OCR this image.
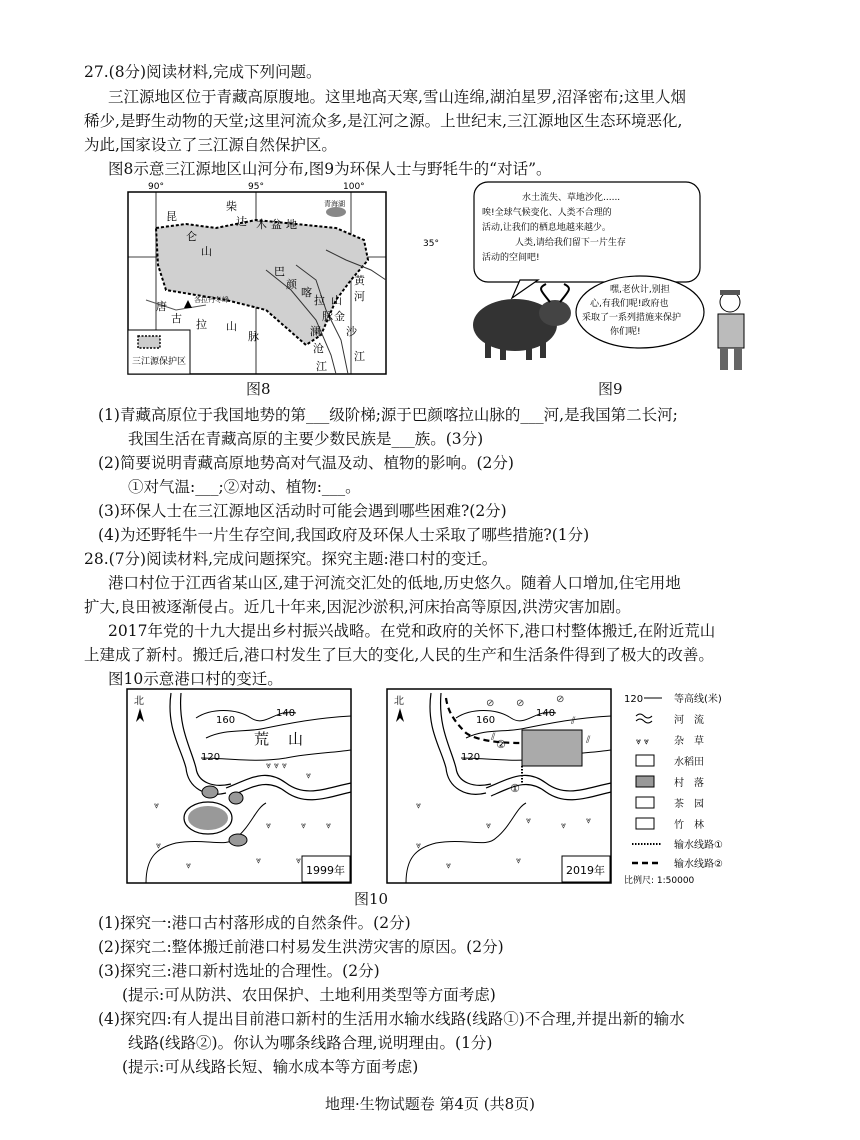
27.(8分)阅读材料,完成下列问题。
三江源地区位于青藏高原腹地。这里地高天寒,雪山连绵,湖泊星罗,沼泽密布;这里人烟
稀少,是野生动物的天堂;这里河流众多,是江河之源。上世纪末,三江源地区生态环境恶化,
为此,国家设立了三江源自然保护区。
图8示意三江源地区山河分布,图9为环保人士与野牦牛的“对话”。
90°	95°	100°
35°
昆
仑
山
柴
达 木 盆 地
青海湖
巴
颜
喀
拉 山
黄
河
唐
古 拉 山
脉
金
沙
江
澜
沧
江
脉
各拉丹冬峰
三江源保护区
图8
水土流失、草地沙化......
唉!全球气候变化、人类不合理的
活动,让我们的栖息地越来越少。
人类,请给我们留下一片生存
活动的空间吧!
嘿,老伙计,别担
心,有我们呢!政府也
采取了一系列措施来保护
你们呢!
图9
(1)青藏高原位于我国地势的第___级阶梯;源于巴颜喀拉山脉的___河,是我国第二长河;
我国生活在青藏高原的主要少数民族是___族。(3分)
(2)简要说明青藏高原地势高对气温及动、植物的影响。(2分)
①对气温:___;②对动、植物:___。
(3)环保人士在三江源地区活动时可能会遇到哪些困难?(2分)
(4)为还野牦牛一片生存空间,我国政府及环保人士采取了哪些措施?(1分)
28.(7分)阅读材料,完成问题探究。探究主题:港口村的变迁。
港口村位于江西省某山区,建于河流交汇处的低地,历史悠久。随着人口增加,住宅用地
扩大,良田被逐渐侵占。近几十年来,因泥沙淤积,河床抬高等原因,洪涝灾害加剧。
2017年党的十九大提出乡村振兴战略。在党和政府的关怀下,港口村整体搬迁,在附近荒山
上建成了新村。搬迁后,港口村发生了巨大的变化,人民的生产和生活条件得到了极大的改善。
图10示意港口村的变迁。
北
160
140
120
荒 山
⩔ ⩔ ⩔
⩔
⩔
⩔
⩔	⩔ ⩔
⩔	⩔	⩔
1999年
北
160
140
120
②
①
⊘ ⊘	⊘
⫽
⫽	⫽
⩔	⩔ ⩔
⩔
⩔
⩔	⩔
⩔
2019年
120	等高线(米)
河　流
⩔ ⩔ 杂　草
水稻田
村　落
茶　园
竹　林
输水线路①
输水线路②
比例尺: 1:50000
图10
(1)探究一:港口古村落形成的自然条件。(2分)
(2)探究二:整体搬迁前港口村易发生洪涝灾害的原因。(2分)
(3)探究三:港口新村选址的合理性。(2分)
(提示:可从防洪、农田保护、土地利用类型等方面考虑)
(4)探究四:有人提出目前港口新村的生活用水输水线路(线路①)不合理,并提出新的输水
线路(线路②)。你认为哪条线路合理,说明理由。(1分)
(提示:可从线路长短、输水成本等方面考虑)
地理·生物试题卷 第4页 (共8页)
